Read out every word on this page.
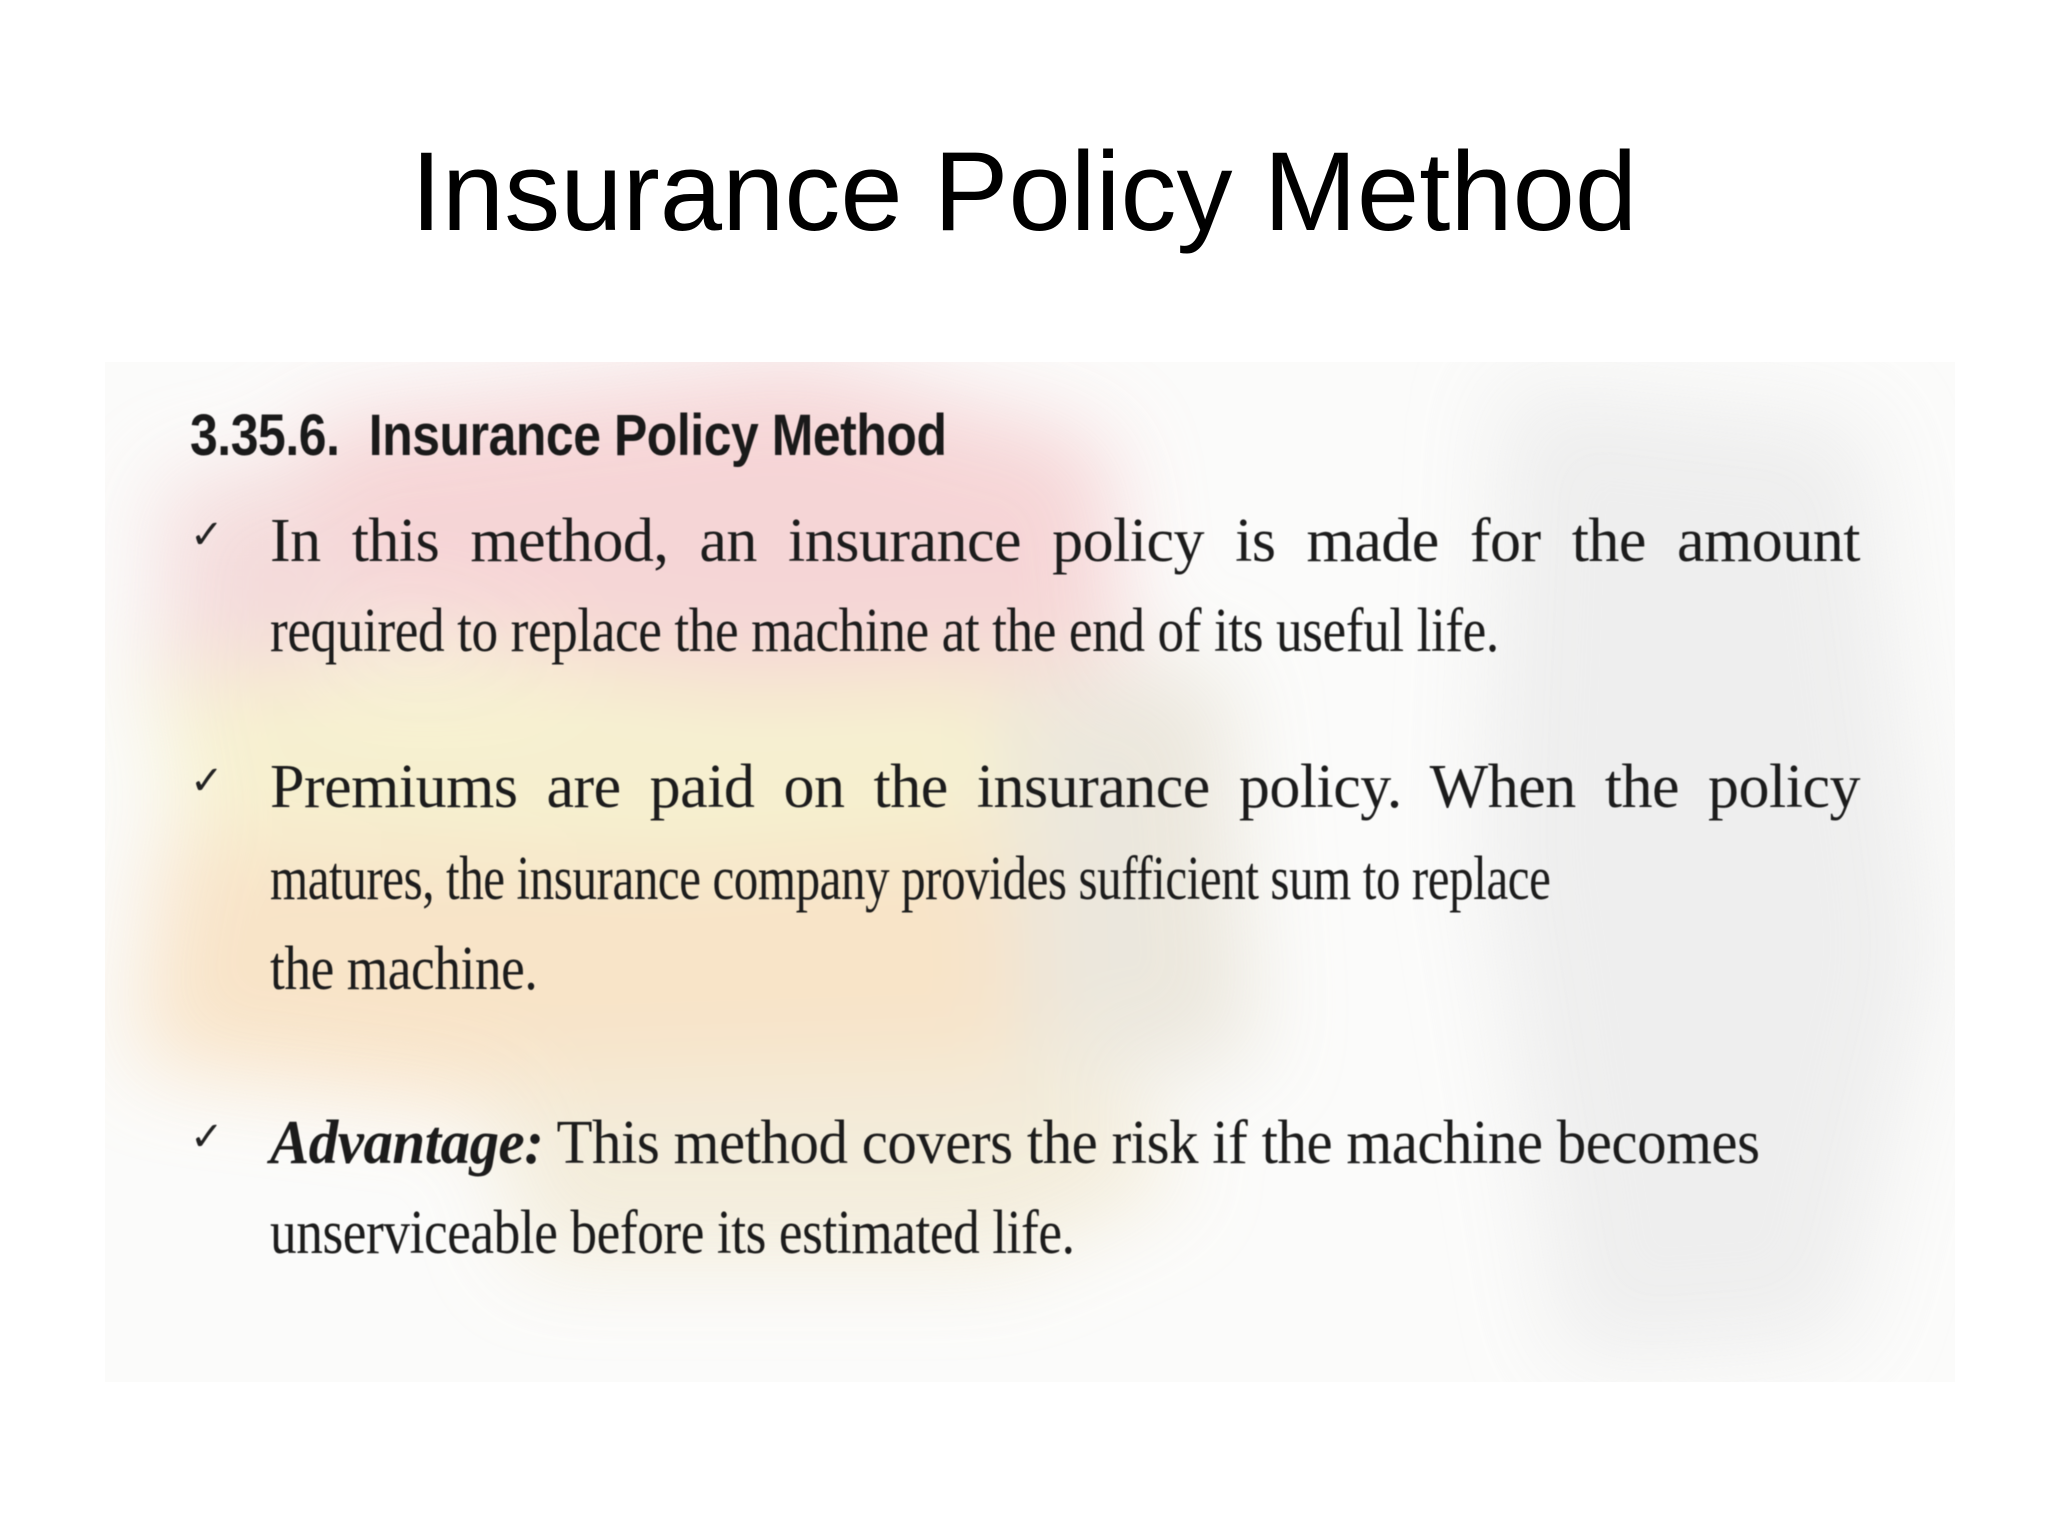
Insurance Policy Method
3.35.6. Insurance Policy Method
✓ In this method, an insurance policy is made for the amount
required to replace the machine at the end of its useful life.
✓ Premiums are paid on the insurance policy. When the policy
matures, the insurance company provides sufficient sum to replace
the machine.
✓ Advantage: This method covers the risk if the machine becomes
unserviceable before its estimated life.
